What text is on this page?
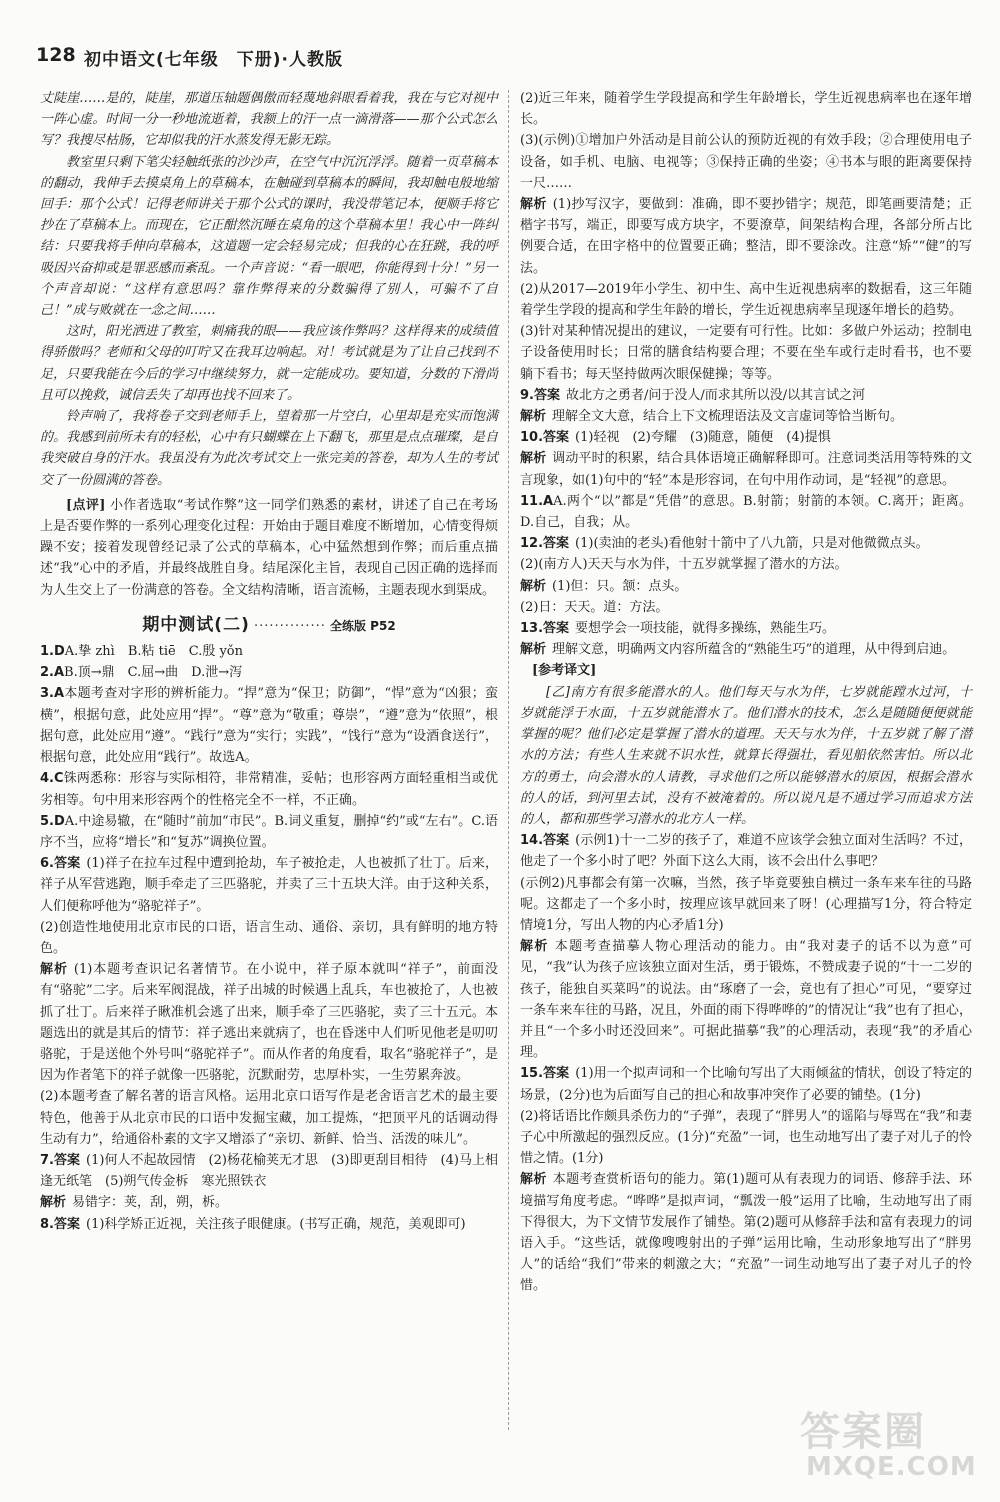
128 初中语文(七年级　下册)·人教版

丈陡崖……是的，陡崖，那道压轴题偶傲而轻蔑地斜眼看着我，我在与它对视中一阵心虚。时间一分一秒地流逝着，我额上的汗一点一滴滑落——那个公式怎么写？我搜尽枯肠，它却似我的汗水蒸发得无影无踪。

教室里只剩下笔尖轻触纸张的沙沙声，在空气中沉沉浮浮。随着一页草稿本的翻动，我伸手去摸桌角上的草稿本，在触碰到草稿本的瞬间，我却触电般地缩回手：那个公式！记得老师讲关于那个公式的课时，我没带笔记本，便顺手将它抄在了草稿本上。而现在，它正酣然沉睡在桌角的这个草稿本里！我心中一阵纠结：只要我将手伸向草稿本，这道题一定会轻易完成；但我的心在狂跳，我的呼吸因兴奋抑或是罪恶感而紊乱。一个声音说：“看一眼吧，你能得到十分！”另一个声音却说：“这样有意思吗？靠作弊得来的分数骗得了别人，可骗不了自己！”成与败就在一念之间……

这时，阳光洒进了教室，刺痛我的眼——我应该作弊吗？这样得来的成绩值得骄傲吗？老师和父母的叮咛又在我耳边响起。对！考试就是为了让自己找到不足，只要我能在今后的学习中继续努力，就一定能成功。要知道，分数的下滑尚且可以挽救，诚信丢失了却再也找不回来了。

铃声响了，我将卷子交到老师手上，望着那一片空白，心里却是充实而饱满的。我感到前所未有的轻松，心中有只蝴蝶在上下翻飞，那里是点点璀璨，是自我突破自身的汗水。我虽没有为此次考试交上一张完美的答卷，却为人生的考试交了一份圆满的答卷。

[点评] 小作者选取“考试作弊”这一同学们熟悉的素材，讲述了自己在考场上是否要作弊的一系列心理变化过程：开始由于题目难度不断增加，心情变得烦躁不安；接着发现曾经记录了公式的草稿本，心中猛然想到作弊；而后重点描述“我”心中的矛盾，并最终战胜自身。结尾深化主旨，表现自己因正确的选择而为人生交上了一份满意的答卷。全文结构清晰，语言流畅，主题表现水到渠成。

期中测试(二) ·············· 全练版 P52

1.DA.挚 zhì　B.粘 tiē　C.殷 yǒn

2.AB.顶→鼎　C.屈→曲　D.泄→泻

3.A本题考查对字形的辨析能力。“捍”意为“保卫；防御”，“悍”意为“凶狠；蛮横”，根据句意，此处应用“捍”。“尊”意为“敬重；尊崇”，“遵”意为“依照”，根据句意，此处应用“遵”。“践行”意为“实行；实践”，“饯行”意为“设酒食送行”，根据句意，此处应用“践行”。故选A。

4.C铢两悉称：形容与实际相符，非常精准，妥帖；也形容两方面轻重相当或优劣相等。句中用来形容两个的性格完全不一样，不正确。

5.DA.中途易辙，在“随时”前加“市民”。B.词义重复，删掉“约”或“左右”。C.语序不当，应将“增长”和“复苏”调换位置。

6.答案 (1)祥子在拉车过程中遭到抢劫，车子被抢走，人也被抓了壮丁。后来，祥子从军营逃跑，顺手牵走了三匹骆驼，并卖了三十五块大洋。由于这种关系，人们便称呼他为“骆驼祥子”。

(2)创造性地使用北京市民的口语，语言生动、通俗、亲切，具有鲜明的地方特色。

解析 (1)本题考查识记名著情节。在小说中，祥子原本就叫“祥子”，前面没有“骆驼”二字。后来军阀混战，祥子出城的时候遇上乱兵，车也被抢了，人也被抓了壮丁。后来祥子瞅准机会逃了出来，顺手牵了三匹骆驼，卖了三十五元。本题选出的就是其后的情节：祥子逃出来就病了，也在昏迷中人们听见他老是叨叨骆驼，于是送他个外号叫“骆驼祥子”。而从作者的角度看，取名“骆驼祥子”，是因为作者笔下的祥子就像一匹骆驼，沉默耐劳，忠厚朴实，一生劳累奔波。

(2)本题考查了解名著的语言风格。运用北京口语写作是老舍语言艺术的最主要特色，他善于从北京市民的口语中发掘宝藏，加工提炼，“把顶平凡的话调动得生动有力”，给通俗朴素的文字又增添了“亲切、新鲜、恰当、活泼的味儿”。

7.答案 (1)何人不起故园情　(2)杨花榆荚无才思　(3)即更刮目相待　(4)马上相逢无纸笔　(5)朔气传金柝　寒光照铁衣

解析 易错字：荚，刮，朔，柝。

8.答案 (1)科学矫正近视，关注孩子眼健康。(书写正确，规范，美观即可)

(2)近三年来，随着学生学段提高和学生年龄增长，学生近视患病率也在逐年增长。

(3)(示例)①增加户外活动是目前公认的预防近视的有效手段；②合理使用电子设备，如手机、电脑、电视等；③保持正确的坐姿；④书本与眼的距离要保持一尺……

解析 (1)抄写汉字，要做到：准确，即不要抄错字；规范，即笔画要清楚；正楷字书写，端正，即要写成方块字，不要潦草，间架结构合理，各部分所占比例要合适，在田字格中的位置要正确；整洁，即不要涂改。注意“矫”“健”的写法。

(2)从2017—2019年小学生、初中生、高中生近视患病率的数据看，这三年随着学生学段的提高和学生年龄的增长，学生近视患病率呈现逐年增长的趋势。

(3)针对某种情况提出的建议，一定要有可行性。比如：多做户外运动；控制电子设备使用时长；日常的膳食结构要合理；不要在坐车或行走时看书，也不要躺下看书；每天坚持做两次眼保健操；等等。

9.答案 故北方之勇者/问于没人/而求其所以没/以其言试之河

解析 理解全文大意，结合上下文梳理语法及文言虚词等恰当断句。

10.答案 (1)轻视　(2)夸耀　(3)随意，随便　(4)提惧

解析 调动平时的积累，结合具体语境正确解释即可。注意词类活用等特殊的文言现象，如(1)句中的“轻”本是形容词，在句中用作动词，是“轻视”的意思。

11.AA.两个“以”都是“凭借”的意思。B.射箭；射箭的本领。C.离开；距离。D.自己，自我；从。

12.答案 (1)(卖油的老头)看他射十箭中了八九箭，只是对他微微点头。

(2)(南方人)天天与水为伴，十五岁就掌握了潜水的方法。

解析 (1)但：只。颔：点头。

(2)日：天天。道：方法。

13.答案 要想学会一项技能，就得多操练，熟能生巧。

解析 理解文意，明确两文内容所蕴含的“熟能生巧”的道理，从中得到启迪。

[参考译文]

[乙]南方有很多能潜水的人。他们每天与水为伴，七岁就能蹚水过河，十岁就能浮于水面，十五岁就能潜水了。他们潜水的技术，怎么是随随便便就能掌握的呢？他们必定是掌握了潜水的道理。天天与水为伴，十五岁就了解了潜水的方法；有些人生来就不识水性，就算长得强壮，看见船依然害怕。所以北方的勇士，向会潜水的人请教，寻求他们之所以能够潜水的原因，根据会潜水的人的话，到河里去试，没有不被淹着的。所以说凡是不通过学习而追求方法的人，都和那些学习潜水的北方人一样。

14.答案 (示例1)十一二岁的孩子了，难道不应该学会独立面对生活吗？不过，他走了一个多小时了吧？外面下这么大雨，该不会出什么事吧？

(示例2)凡事都会有第一次嘛，当然，孩子毕竟要独自横过一条车来车往的马路呢。这都走了一个多小时，按理应该早就回来了呀！(心理描写1分，符合特定情境1分，写出人物的内心矛盾1分)

解析 本题考查描摹人物心理活动的能力。由“我对妻子的话不以为意”可见，“我”认为孩子应该独立面对生活，勇于锻炼，不赞成妻子说的“十一二岁的孩子，能独自买菜吗”的说法。由“琢磨了一会，竟也有了担心”可见，“要穿过一条车来车往的马路，况且，外面的雨下得哗哗的”的情况让“我”也有了担心，并且“一个多小时还没回来”。可据此描摹“我”的心理活动，表现“我”的矛盾心理。

15.答案 (1)用一个拟声词和一个比喻句写出了大雨倾盆的情状，创设了特定的场景，(2分)也为后面写自己的担心和故事冲突作了必要的铺垫。(1分)

(2)将话语比作颇具杀伤力的“子弹”，表现了“胖男人”的谣陷与辱骂在“我”和妻子心中所激起的强烈反应。(1分)“充盈”一词，也生动地写出了妻子对儿子的怜惜之情。(1分)

解析 本题考查赏析语句的能力。第(1)题可从有表现力的词语、修辞手法、环境描写角度考虑。“哗哗”是拟声词，“瓢泼一般”运用了比喻，生动地写出了雨下得很大，为下文情节发展作了铺垫。第(2)题可从修辞手法和富有表现力的词语入手。“这些话，就像嗖嗖射出的子弹”运用比喻，生动形象地写出了“胖男人”的话给“我们”带来的刺激之大；“充盈”一词生动地写出了妻子对儿子的怜惜。

答案圈
MXQE.COM
